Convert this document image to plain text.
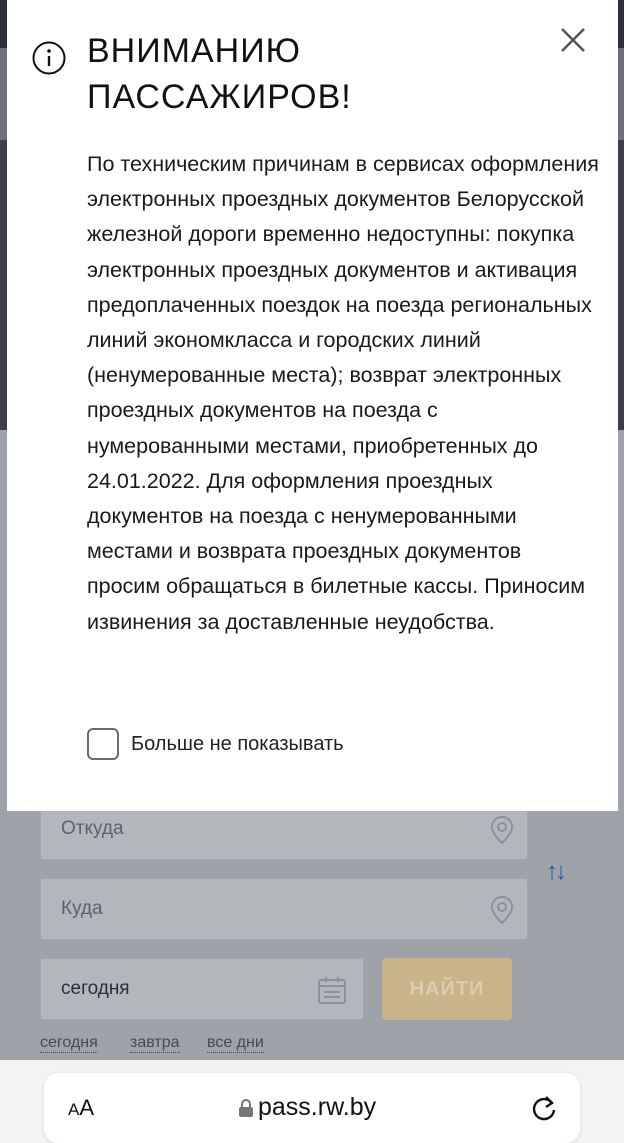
Откуда
↑↓
Куда
сегодня	НАЙТИ
сегодня завтра все дни
ВНИМАНИЮ
ПАССАЖИРОВ!
По техническим причинам в сервисах оформления электронных проездных документов Белорусской железной дороги временно недоступны: покупка электронных проездных документов и активация предоплаченных поездок на поезда региональных линий экономкласса и городских линий (ненумерованные места); возврат электронных проездных документов на поезда с нумерованными местами, приобретенных до 24.01.2022. Для оформления проездных документов на поезда с ненумерованными местами и возврата проездных документов просим обращаться в билетные кассы. Приносим извинения за доставленные неудобства.
Больше не показывать
AA	pass.rw.by
